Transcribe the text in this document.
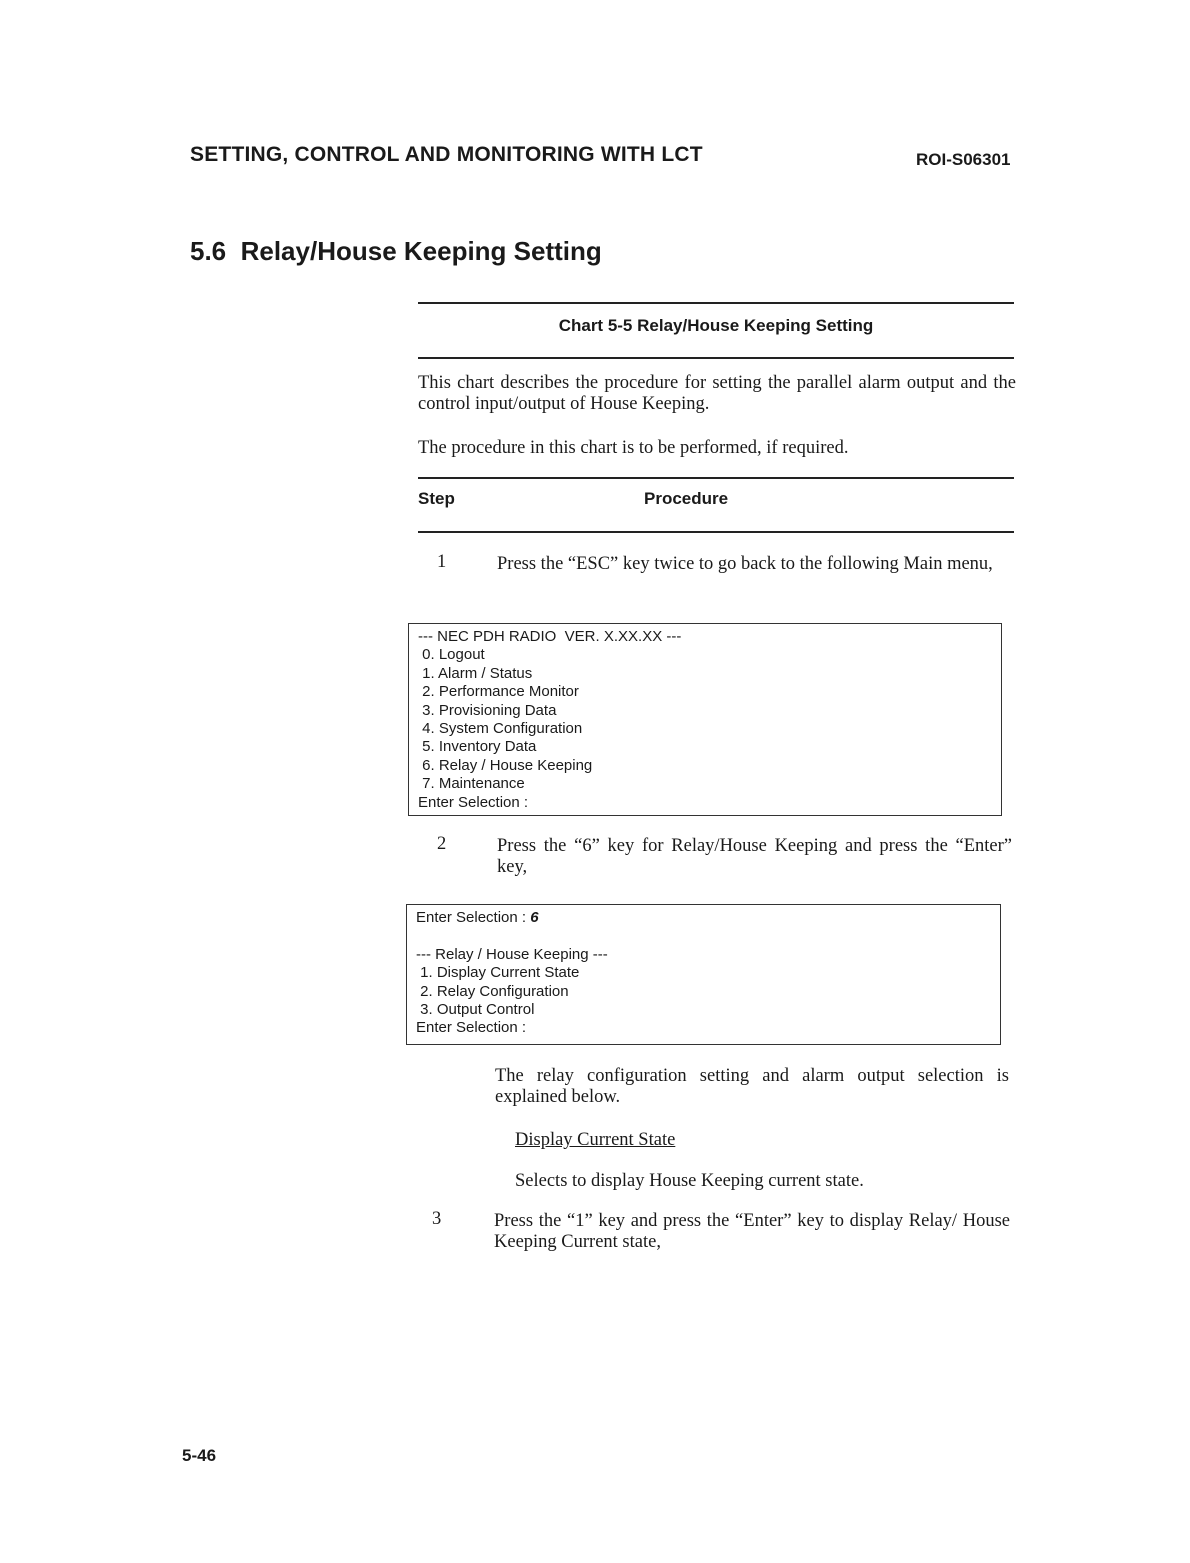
SETTING, CONTROL AND MONITORING WITH LCT	ROI-S06301
5.6  Relay/House Keeping Setting
Chart 5-5 Relay/House Keeping Setting
This chart describes the procedure for setting the parallel alarm output and the control input/output of House Keeping.
The procedure in this chart is to be performed, if required.
Step	Procedure
1	Press the “ESC” key twice to go back to the following Main menu,
--- NEC PDH RADIO  VER. X.XX.XX ---
0. Logout
1. Alarm / Status
2. Performance Monitor
3. Provisioning Data
4. System Configuration
5. Inventory Data
6. Relay / House Keeping
7. Maintenance
Enter Selection :
2	Press the “6” key for Relay/House Keeping and press the “Enter” key,
Enter Selection : 6

--- Relay / House Keeping ---
1. Display Current State
2. Relay Configuration
3. Output Control
Enter Selection :
The relay configuration setting and alarm output selection is explained below.
Display Current State
Selects to display House Keeping current state.
3	Press the “1” key and press the “Enter” key to display Relay/ House Keeping Current state,
5-46
